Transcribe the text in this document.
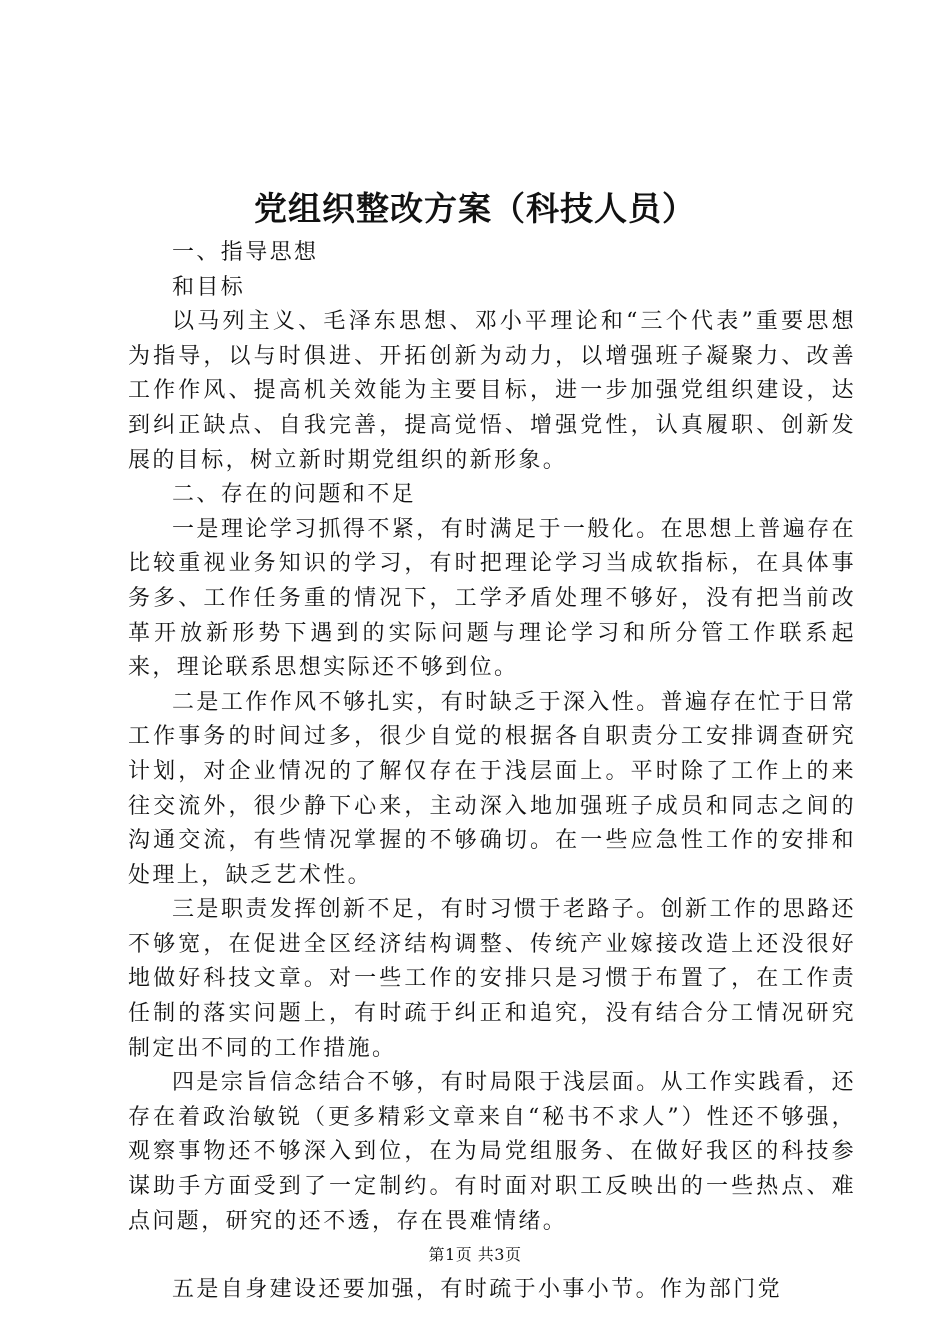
党组织整改方案（科技人员）

一、指导思想

和目标

以马列主义、毛泽东思想、邓小平理论和“三个代表”重要思想为指导，以与时俱进、开拓创新为动力，以增强班子凝聚力、改善工作作风、提高机关效能为主要目标，进一步加强党组织建设，达到纠正缺点、自我完善，提高觉悟、增强党性，认真履职、创新发展的目标，树立新时期党组织的新形象。

二、存在的问题和不足

一是理论学习抓得不紧，有时满足于一般化。在思想上普遍存在比较重视业务知识的学习，有时把理论学习当成软指标，在具体事务多、工作任务重的情况下，工学矛盾处理不够好，没有把当前改革开放新形势下遇到的实际问题与理论学习和所分管工作联系起来，理论联系思想实际还不够到位。

二是工作作风不够扎实，有时缺乏于深入性。普遍存在忙于日常工作事务的时间过多，很少自觉的根据各自职责分工安排调查研究计划，对企业情况的了解仅存在于浅层面上。平时除了工作上的来往交流外，很少静下心来，主动深入地加强班子成员和同志之间的沟通交流，有些情况掌握的不够确切。在一些应急性工作的安排和处理上，缺乏艺术性。

三是职责发挥创新不足，有时习惯于老路子。创新工作的思路还不够宽，在促进全区经济结构调整、传统产业嫁接改造上还没很好地做好科技文章。对一些工作的安排只是习惯于布置了，在工作责任制的落实问题上，有时疏于纠正和追究，没有结合分工情况研究制定出不同的工作措施。

四是宗旨信念结合不够，有时局限于浅层面。从工作实践看，还存在着政治敏锐（更多精彩文章来自“秘书不求人”）性还不够强，观察事物还不够深入到位，在为局党组服务、在做好我区的科技参谋助手方面受到了一定制约。有时面对职工反映出的一些热点、难点问题，研究的还不透，存在畏难情绪。

五是自身建设还要加强，有时疏于小事小节。作为部门党

第1页 共3页
